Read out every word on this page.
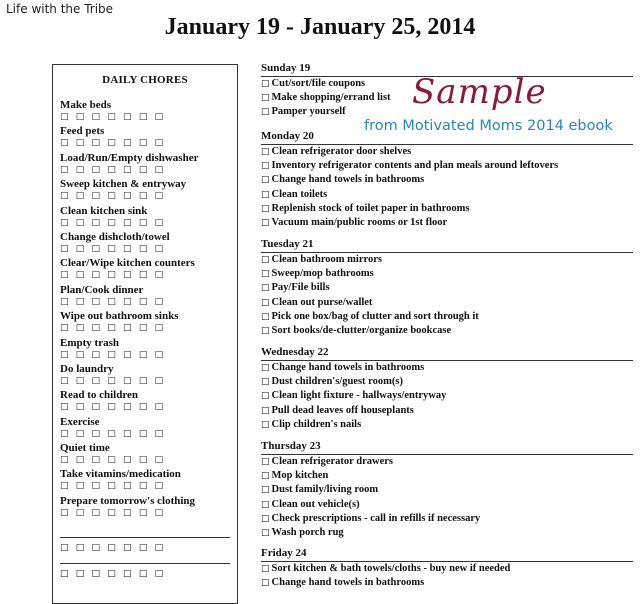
Life with the Tribe
January 19 - January 25, 2014
DAILY CHORES
Make beds
□ □ □ □ □ □ □
Feed pets
□ □ □ □ □ □ □
Load/Run/Empty dishwasher
□ □ □ □ □ □ □
Sweep kitchen & entryway
□ □ □ □ □ □ □
Clean kitchen sink
□ □ □ □ □ □ □
Change dishcloth/towel
□ □ □ □ □ □ □
Clear/Wipe kitchen counters
□ □ □ □ □ □ □
Plan/Cook dinner
□ □ □ □ □ □ □
Wipe out bathroom sinks
□ □ □ □ □ □ □
Empty trash
□ □ □ □ □ □ □
Do laundry
□ □ □ □ □ □ □
Read to children
□ □ □ □ □ □ □
Exercise
□ □ □ □ □ □ □
Quiet time
□ □ □ □ □ □ □
Take vitamins/medication
□ □ □ □ □ □ □
Prepare tomorrow's clothing
□ □ □ □ □ □ □
□ □ □ □ □ □ □
□ □ □ □ □ □ □
Sunday 19
□ Cut/sort/file coupons
□ Make shopping/errand list
□ Pamper yourself
Monday 20
□ Clean refrigerator door shelves
□ Inventory refrigerator contents and plan meals around leftovers
□ Change hand towels in bathrooms
□ Clean toilets
□ Replenish stock of toilet paper in bathrooms
□ Vacuum main/public rooms or 1st floor
Tuesday 21
□ Clean bathroom mirrors
□ Sweep/mop bathrooms
□ Pay/File bills
□ Clean out purse/wallet
□ Pick one box/bag of clutter and sort through it
□ Sort books/de-clutter/organize bookcase
Wednesday 22
□ Change hand towels in bathrooms
□ Dust children's/guest room(s)
□ Clean light fixture - hallways/entryway
□ Pull dead leaves off houseplants
□ Clip children's nails
Thursday 23
□ Clean refrigerator drawers
□ Mop kitchen
□ Dust family/living room
□ Clean out vehicle(s)
□ Check prescriptions - call in refills if necessary
□ Wash porch rug
Friday 24
□ Sort kitchen & bath towels/cloths - buy new if needed
□ Change hand towels in bathrooms
Sample
from Motivated Moms 2014 ebook
